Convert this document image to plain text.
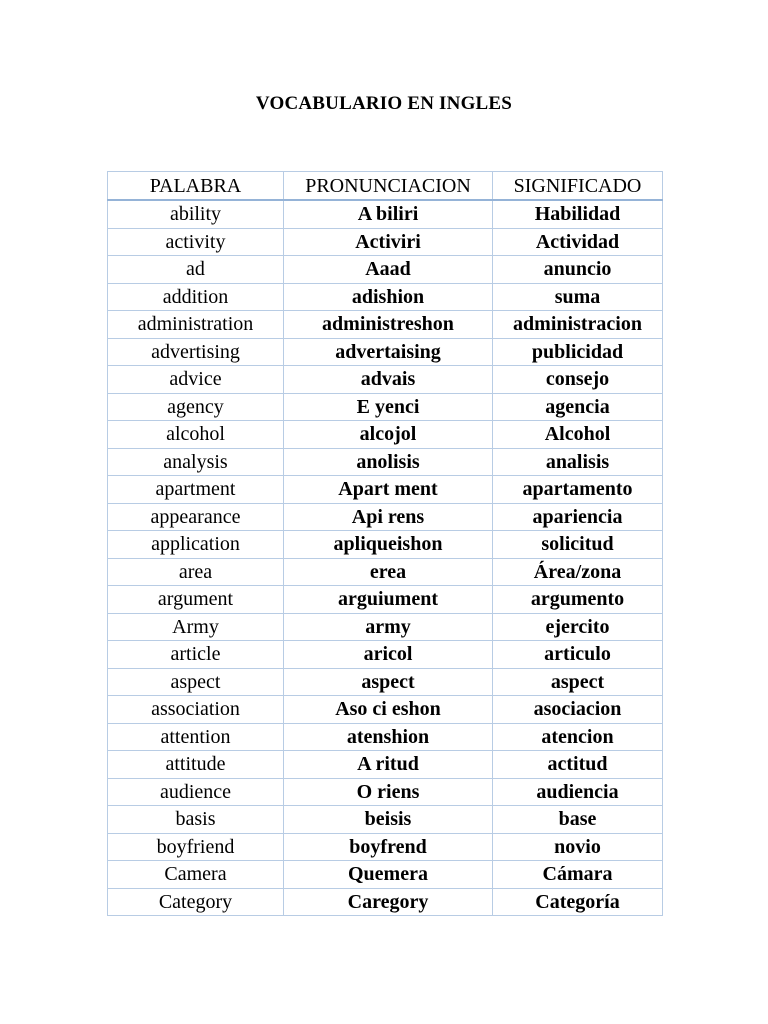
VOCABULARIO EN INGLES
PALABRA	PRONUNCIACION	SIGNIFICADO
ability	A biliri	Habilidad
activity	Activiri	Actividad
ad	Aaad	anuncio
addition	adishion	suma
administration	administreshon	administracion
advertising	advertaising	publicidad
advice	advais	consejo
agency	E yenci	agencia
alcohol	alcojol	Alcohol
analysis	anolisis	analisis
apartment	Apart ment	apartamento
appearance	Api rens	apariencia
application	apliqueishon	solicitud
area	erea	Área/zona
argument	arguiument	argumento
Army	army	ejercito
article	aricol	articulo
aspect	aspect	aspect
association	Aso ci eshon	asociacion
attention	atenshion	atencion
attitude	A ritud	actitud
audience	O riens	audiencia
basis	beisis	base
boyfriend	boyfrend	novio
Camera	Quemera	Cámara
Category	Caregory	Categoría
